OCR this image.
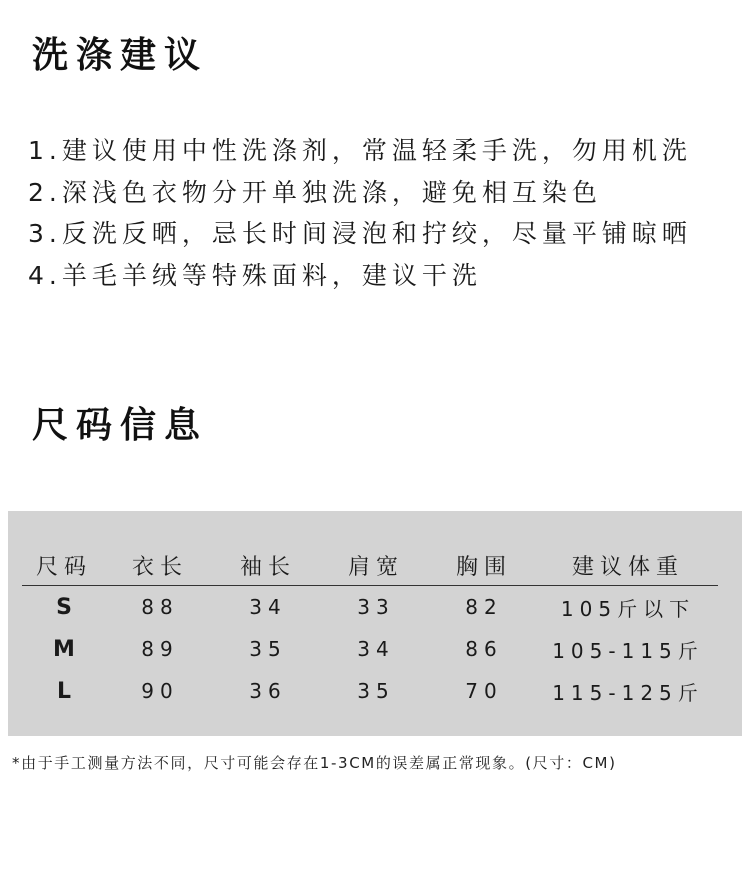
洗涤建议
1.建议使用中性洗涤剂，常温轻柔手洗，勿用机洗
2.深浅色衣物分开单独洗涤，避免相互染色
3.反洗反晒，忌长时间浸泡和拧绞，尽量平铺晾晒
4.羊毛羊绒等特殊面料，建议干洗
尺码信息
尺码	衣长	袖长	肩宽	胸围	建议体重
S	88	34	33	82	105斤以下
M	89	35	34	86	105-115斤
L	90	36	35	70	115-125斤

*由于手工测量方法不同，尺寸可能会存在1-3CM的误差属正常现象。(尺寸：CM)
